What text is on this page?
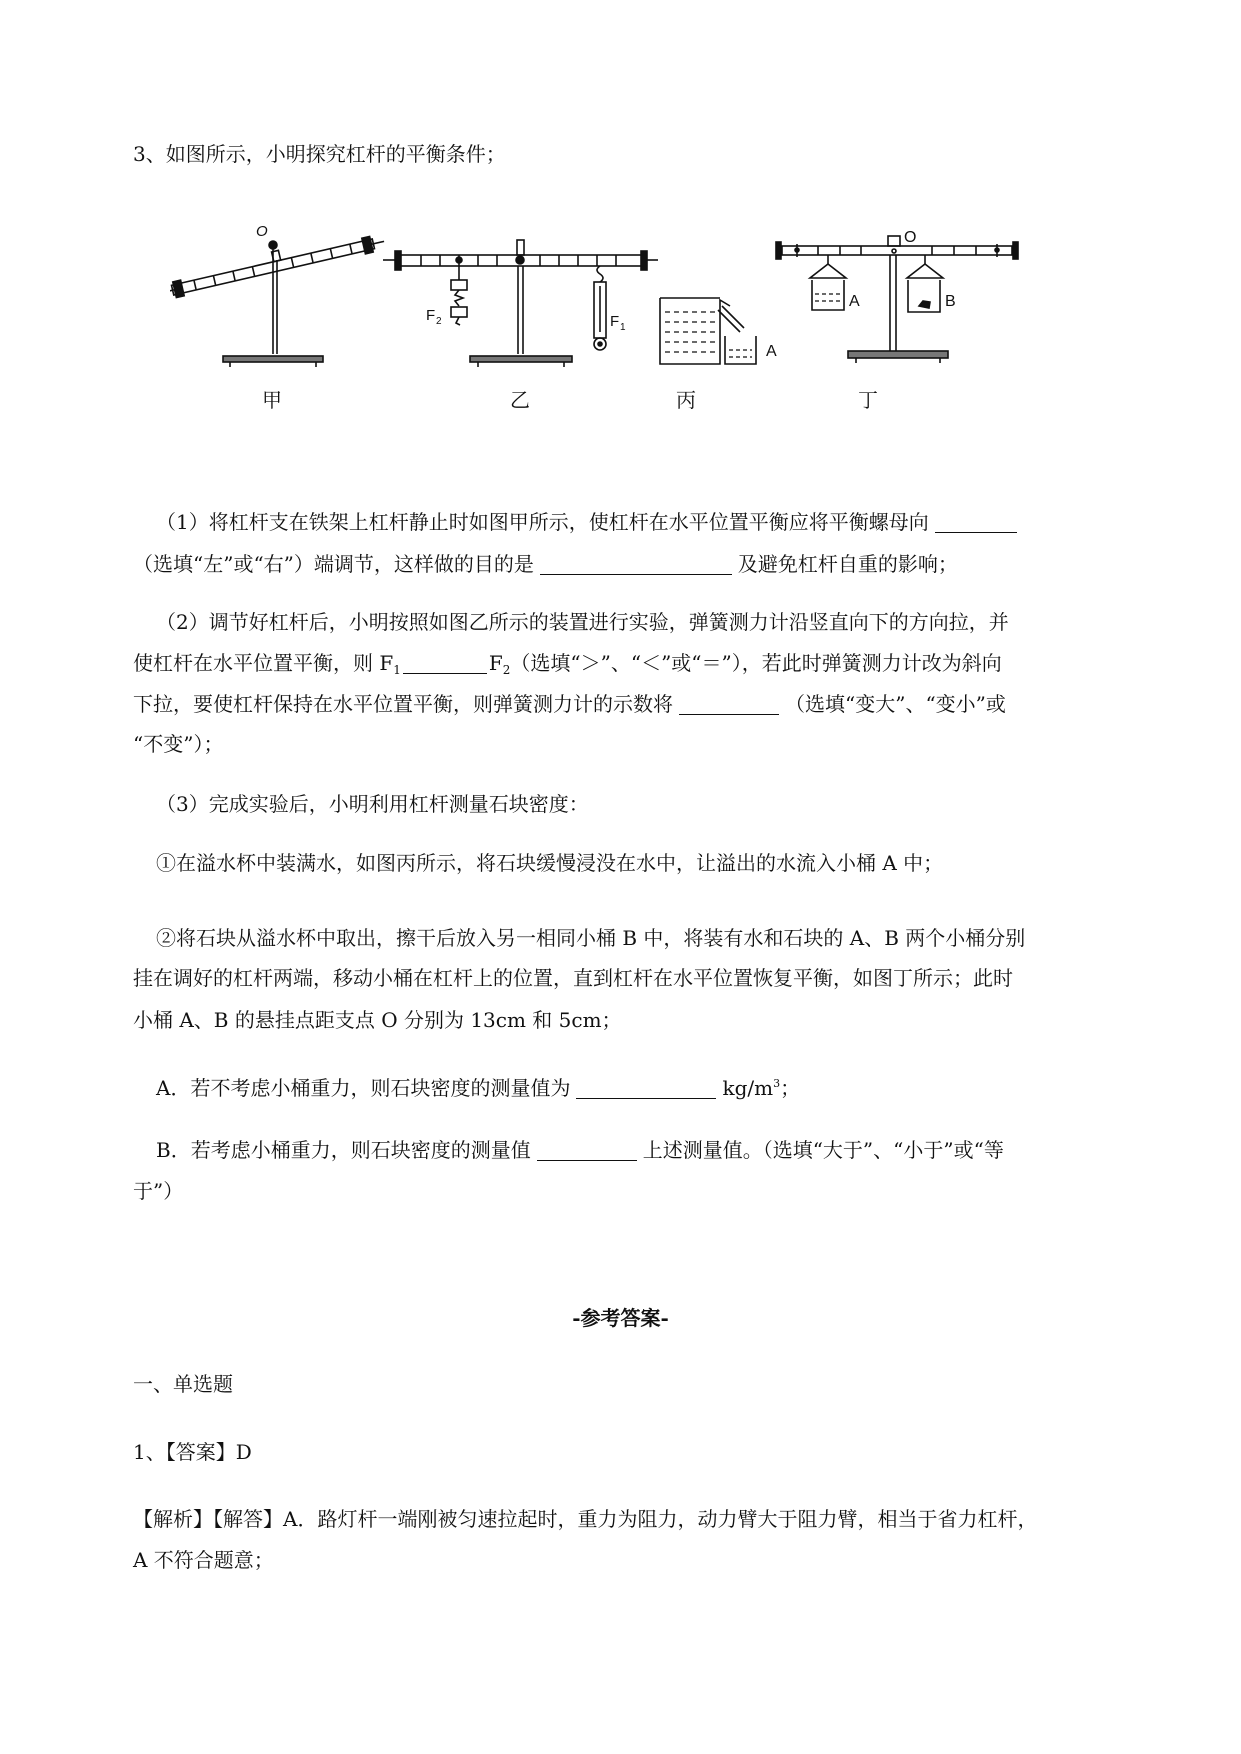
3、如图所示，小明探究杠杆的平衡条件；
O
F 2	F 1
A
O
A	B
甲	乙	丙	丁
（1）将杠杆支在铁架上杠杆静止时如图甲所示，使杠杆在水平位置平衡应将平衡螺母向
（选填“左”或“右”）端调节，这样做的目的是	及避免杠杆自重的影响；
（2）调节好杠杆后，小明按照如图乙所示的装置进行实验，弹簧测力计沿竖直向下的方向拉，并
使杠杆在水平位置平衡，则 $F_1$	$F_2$（选填“＞”、“＜”或“＝”），若此时弹簧测力计改为斜向
下拉，要使杠杆保持在水平位置平衡，则弹簧测力计的示数将	（选填“变大”、“变小”或
“不变”）；
（3）完成实验后，小明利用杠杆测量石块密度：
①在溢水杯中装满水，如图丙所示，将石块缓慢浸没在水中，让溢出的水流入小桶 A 中；
②将石块从溢水杯中取出，擦干后放入另一相同小桶 B 中，将装有水和石块的 A、B 两个小桶分别
挂在调好的杠杆两端，移动小桶在杠杆上的位置，直到杠杆在水平位置恢复平衡，如图丁所示；此时
小桶 A、B 的悬挂点距支点 O 分别为 13cm 和 5cm；
A．若不考虑小桶重力，则石块密度的测量值为	$kg/m^3$；
B．若考虑小桶重力，则石块密度的测量值	上述测量值。（选填“大于”、“小于”或“等
于”）
-参考答案-
一、单选题
1、【答案】D
【解析】【解答】A．路灯杆一端刚被匀速拉起时，重力为阻力，动力臂大于阻力臂，相当于省力杠杆，
A 不符合题意；
